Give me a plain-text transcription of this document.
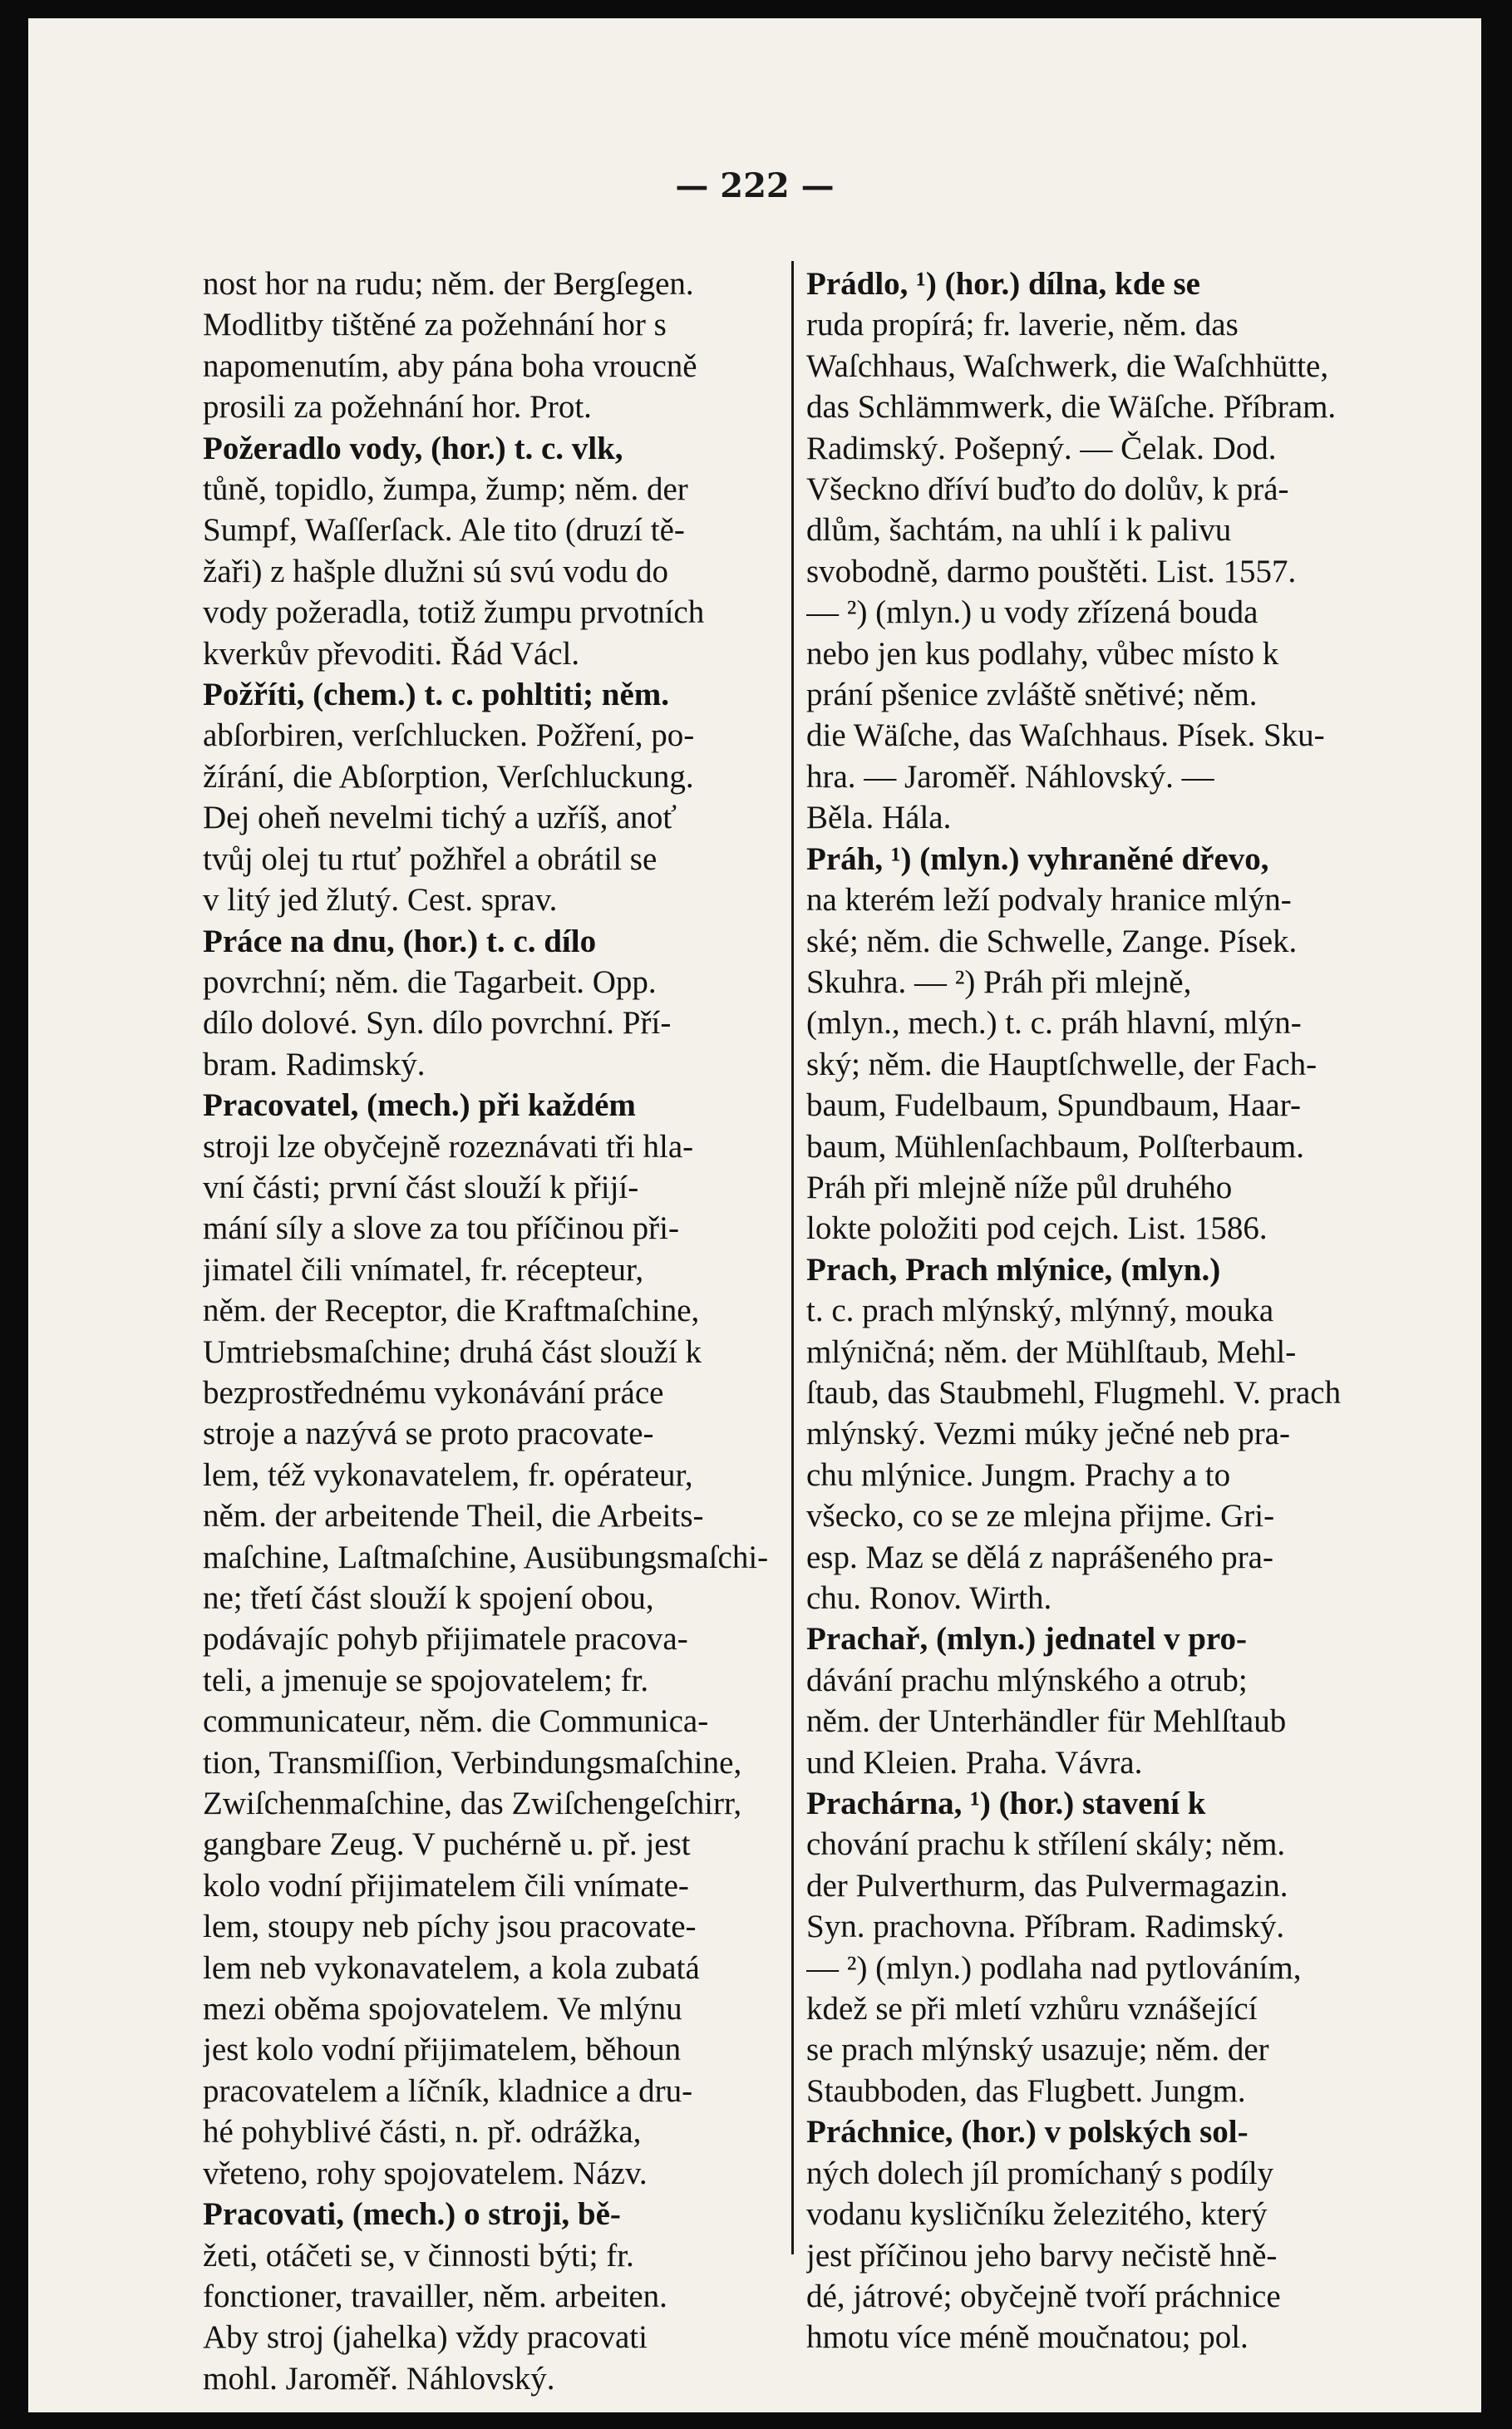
— 222 —
nost hor na rudu; něm. der Bergſegen.
Modlitby tištěné za požehnání hor s
napomenutím, aby pána boha vroucně
prosili za požehnání hor. Prot.
Požeradlo vody, (hor.) t. c. vlk,
tůně, topidlo, žumpa, žump; něm. der
Sumpf, Waſſerſack. Ale tito (druzí tě-
žaři) z hašple dlužni sú svú vodu do
vody požeradla, totiž žumpu prvotních
kverkův převoditi. Řád Václ.
Požříti, (chem.) t. c. pohltiti; něm.
abſorbiren, verſchlucken. Požření, po-
žírání, die Abſorption, Verſchluckung.
Dej oheň nevelmi tichý a uzříš, anoť
tvůj olej tu rtuť požhřel a obrátil se
v litý jed žlutý. Cest. sprav.
Práce na dnu, (hor.) t. c. dílo
povrchní; něm. die Tagarbeit. Opp.
dílo dolové. Syn. dílo povrchní. Pří-
bram. Radimský.
Pracovatel, (mech.) při každém
stroji lze obyčejně rozeznávati tři hla-
vní části; první část slouží k přijí-
mání síly a slove za tou příčinou při-
jimatel čili vnímatel, fr. récepteur,
něm. der Receptor, die Kraftmaſchine,
Umtriebsmaſchine; druhá část slouží k
bezprostřednému vykonávání práce
stroje a nazývá se proto pracovate-
lem, též vykonavatelem, fr. opérateur,
něm. der arbeitende Theil, die Arbeits-
maſchine, Laſtmaſchine, Ausübungsmaſchi-
ne; třetí část slouží k spojení obou,
podávajíc pohyb přijimatele pracova-
teli, a jmenuje se spojovatelem; fr.
communicateur, něm. die Communica-
tion, Transmiſſion, Verbindungsmaſchine,
Zwiſchenmaſchine, das Zwiſchengeſchirr,
gangbare Zeug. V puchérně u. př. jest
kolo vodní přijimatelem čili vnímate-
lem, stoupy neb píchy jsou pracovate-
lem neb vykonavatelem, a kola zubatá
mezi oběma spojovatelem. Ve mlýnu
jest kolo vodní přijimatelem, běhoun
pracovatelem a líčník, kladnice a dru-
hé pohyblivé části, n. př. odrážka,
vřeteno, rohy spojovatelem. Názv.
Pracovati, (mech.) o stroji, bě-
žeti, otáčeti se, v činnosti býti; fr.
fonctioner, travailler, něm. arbeiten.
Aby stroj (jahelka) vždy pracovati
mohl. Jaroměř. Náhlovský.
Prádlo, ¹) (hor.) dílna, kde se
ruda propírá; fr. laverie, něm. das
Waſchhaus, Waſchwerk, die Waſchhütte,
das Schlämmwerk, die Wäſche. Příbram.
Radimský. Pošepný. — Čelak. Dod.
Všeckno dříví buďto do dolův, k prá-
dlům, šachtám, na uhlí i k palivu
svobodně, darmo pouštěti. List. 1557.
— ²) (mlyn.) u vody zřízená bouda
nebo jen kus podlahy, vůbec místo k
prání pšenice zvláště snětivé; něm.
die Wäſche, das Waſchhaus. Písek. Sku-
hra. — Jaroměř. Náhlovský. —
Běla. Hála.
Práh, ¹) (mlyn.) vyhraněné dřevo,
na kterém leží podvaly hranice mlýn-
ské; něm. die Schwelle, Zange. Písek.
Skuhra. — ²) Práh při mlejně,
(mlyn., mech.) t. c. práh hlavní, mlýn-
ský; něm. die Hauptſchwelle, der Fach-
baum, Fudelbaum, Spundbaum, Haar-
baum, Mühlenſachbaum, Polſterbaum.
Práh při mlejně níže půl druhého
lokte položiti pod cejch. List. 1586.
Prach, Prach mlýnice, (mlyn.)
t. c. prach mlýnský, mlýnný, mouka
mlýničná; něm. der Mühlſtaub, Mehl-
ſtaub, das Staubmehl, Flugmehl. V. prach
mlýnský. Vezmi múky ječné neb pra-
chu mlýnice. Jungm. Prachy a to
všecko, co se ze mlejna přijme. Gri-
esp. Maz se dělá z naprášeného pra-
chu. Ronov. Wirth.
Prachař, (mlyn.) jednatel v pro-
dávání prachu mlýnského a otrub;
něm. der Unterhändler für Mehlſtaub
und Kleien. Praha. Vávra.
Prachárna, ¹) (hor.) stavení k
chování prachu k střílení skály; něm.
der Pulverthurm, das Pulvermagazin.
Syn. prachovna. Příbram. Radimský.
— ²) (mlyn.) podlaha nad pytlováním,
kdež se při mletí vzhůru vznášející
se prach mlýnský usazuje; něm. der
Staubboden, das Flugbett. Jungm.
Práchnice, (hor.) v polských sol-
ných dolech jíl promíchaný s podíly
vodanu kysličníku železitého, který
jest příčinou jeho barvy nečistě hně-
dé, játrové; obyčejně tvoří práchnice
hmotu více méně moučnatou; pol.
